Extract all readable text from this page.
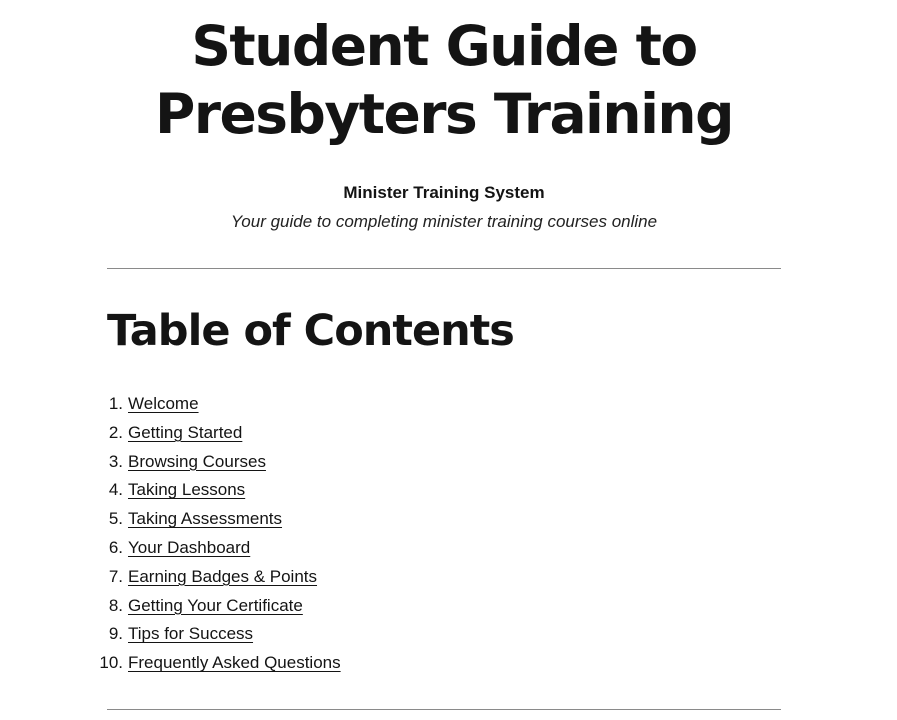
Student Guide to
Presbyters Training
Minister Training System
Your guide to completing minister training courses online
Table of Contents
1. Welcome
2. Getting Started
3. Browsing Courses
4. Taking Lessons
5. Taking Assessments
6. Your Dashboard
7. Earning Badges & Points
8. Getting Your Certificate
9. Tips for Success
10. Frequently Asked Questions
